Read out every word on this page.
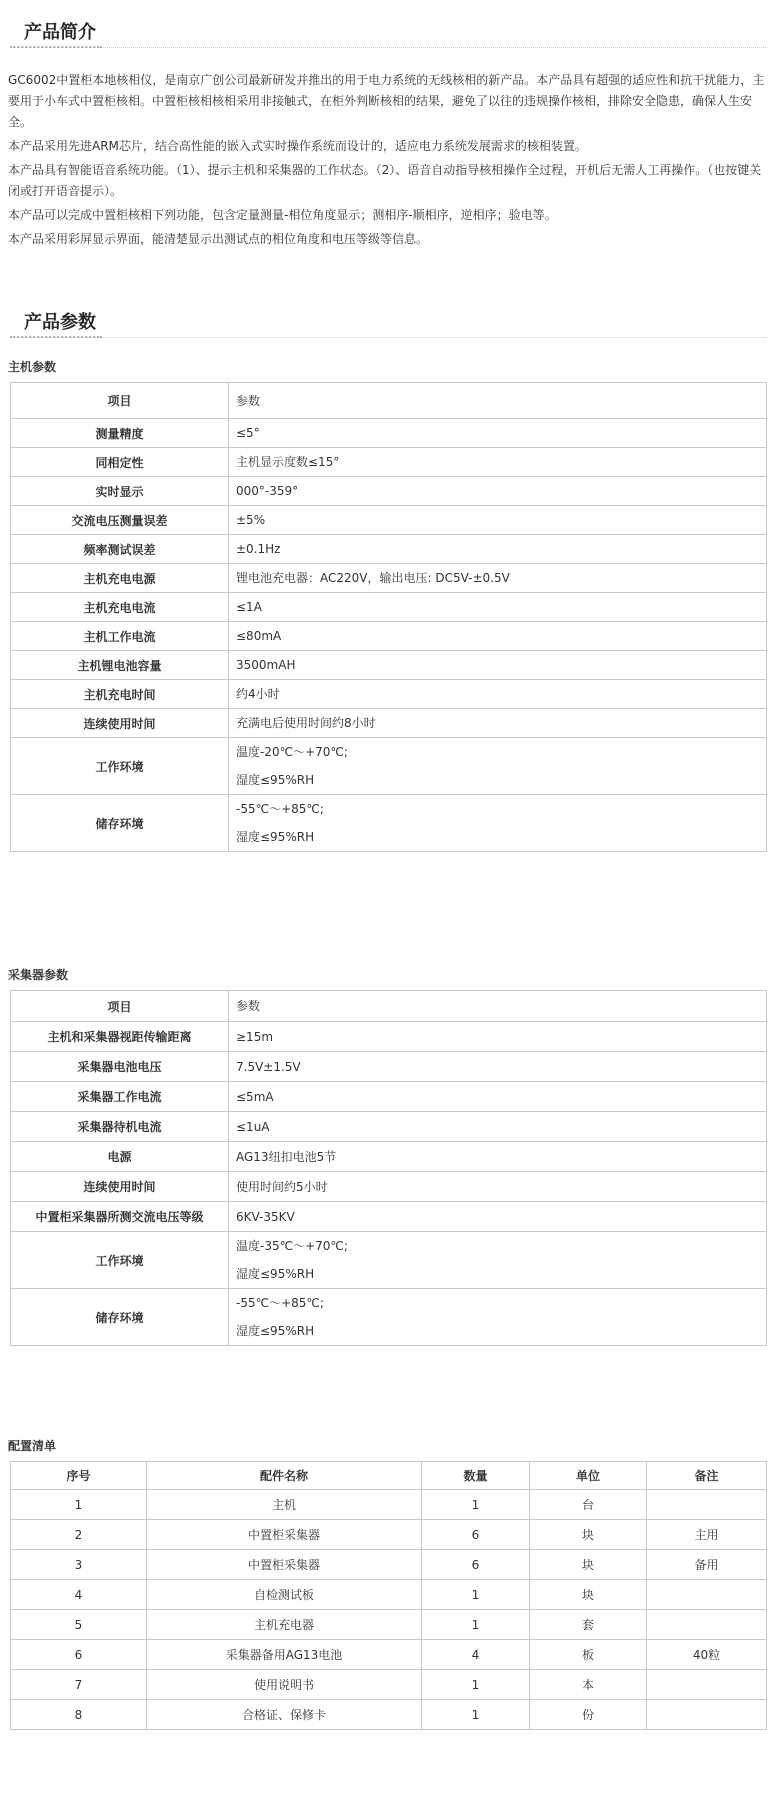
产品简介

GC6002中置柜本地核相仪，是南京广创公司最新研发并推出的用于电力系统的无线核相的新产品。本产品具有超强的适应性和抗干扰能力，主要用于小车式中置柜核相。中置柜核相核相采用非接触式，在柜外判断核相的结果，避免了以往的违规操作核相，排除安全隐患，确保人生安全。

本产品采用先进ARM芯片，结合高性能的嵌入式实时操作系统而设计的，适应电力系统发展需求的核相装置。

本产品具有智能语音系统功能。（1）、提示主机和采集器的工作状态。（2）、语音自动指导核相操作全过程，开机后无需人工再操作。（也按键关闭或打开语音提示）。

本产品可以完成中置柜核相下列功能，包含定量测量-相位角度显示；测相序-顺相序，逆相序；验电等。

本产品采用彩屏显示界面，能清楚显示出测试点的相位角度和电压等级等信息。

产品参数
主机参数
项目	参数
测量精度	≤5°

同相定性	主机显示度数≤15°

实时显示	000°-359°

交流电压测量误差	±5%

频率测试误差	±0.1Hz

主机充电电源	锂电池充电器：AC220V，输出电压: DC5V-±0.5V

主机充电电流	≤1A

主机工作电流	≤80mA

主机锂电池容量	3500mAH

主机充电时间	约4小时

连续使用时间	充满电后使用时间约8小时

工作环境	温度-20℃～+70℃;
湿度≤95%RH

储存环境	-55℃～+85℃;
湿度≤95%RH
采集器参数
项目	参数
主机和采集器视距传输距离	≥15m

采集器电池电压	7.5V±1.5V

采集器工作电流	≤5mA

采集器待机电流	≤1uA

电源	AG13纽扣电池5节

连续使用时间	使用时间约5小时

中置柜采集器所测交流电压等级	6KV-35KV

工作环境	温度-35℃～+70℃;
湿度≤95%RH

储存环境	-55℃～+85℃;
湿度≤95%RH
配置清单
序号	配件名称	数量	单位	备注
1	主机	1	台	
2	中置柜采集器	6	块	主用
3	中置柜采集器	6	块	备用
4	自检测试板	1	块	
5	主机充电器	1	套	
6	采集器备用AG13电池	4	板	40粒
7	使用说明书	1	本	
8	合格证、保修卡	1	份	
